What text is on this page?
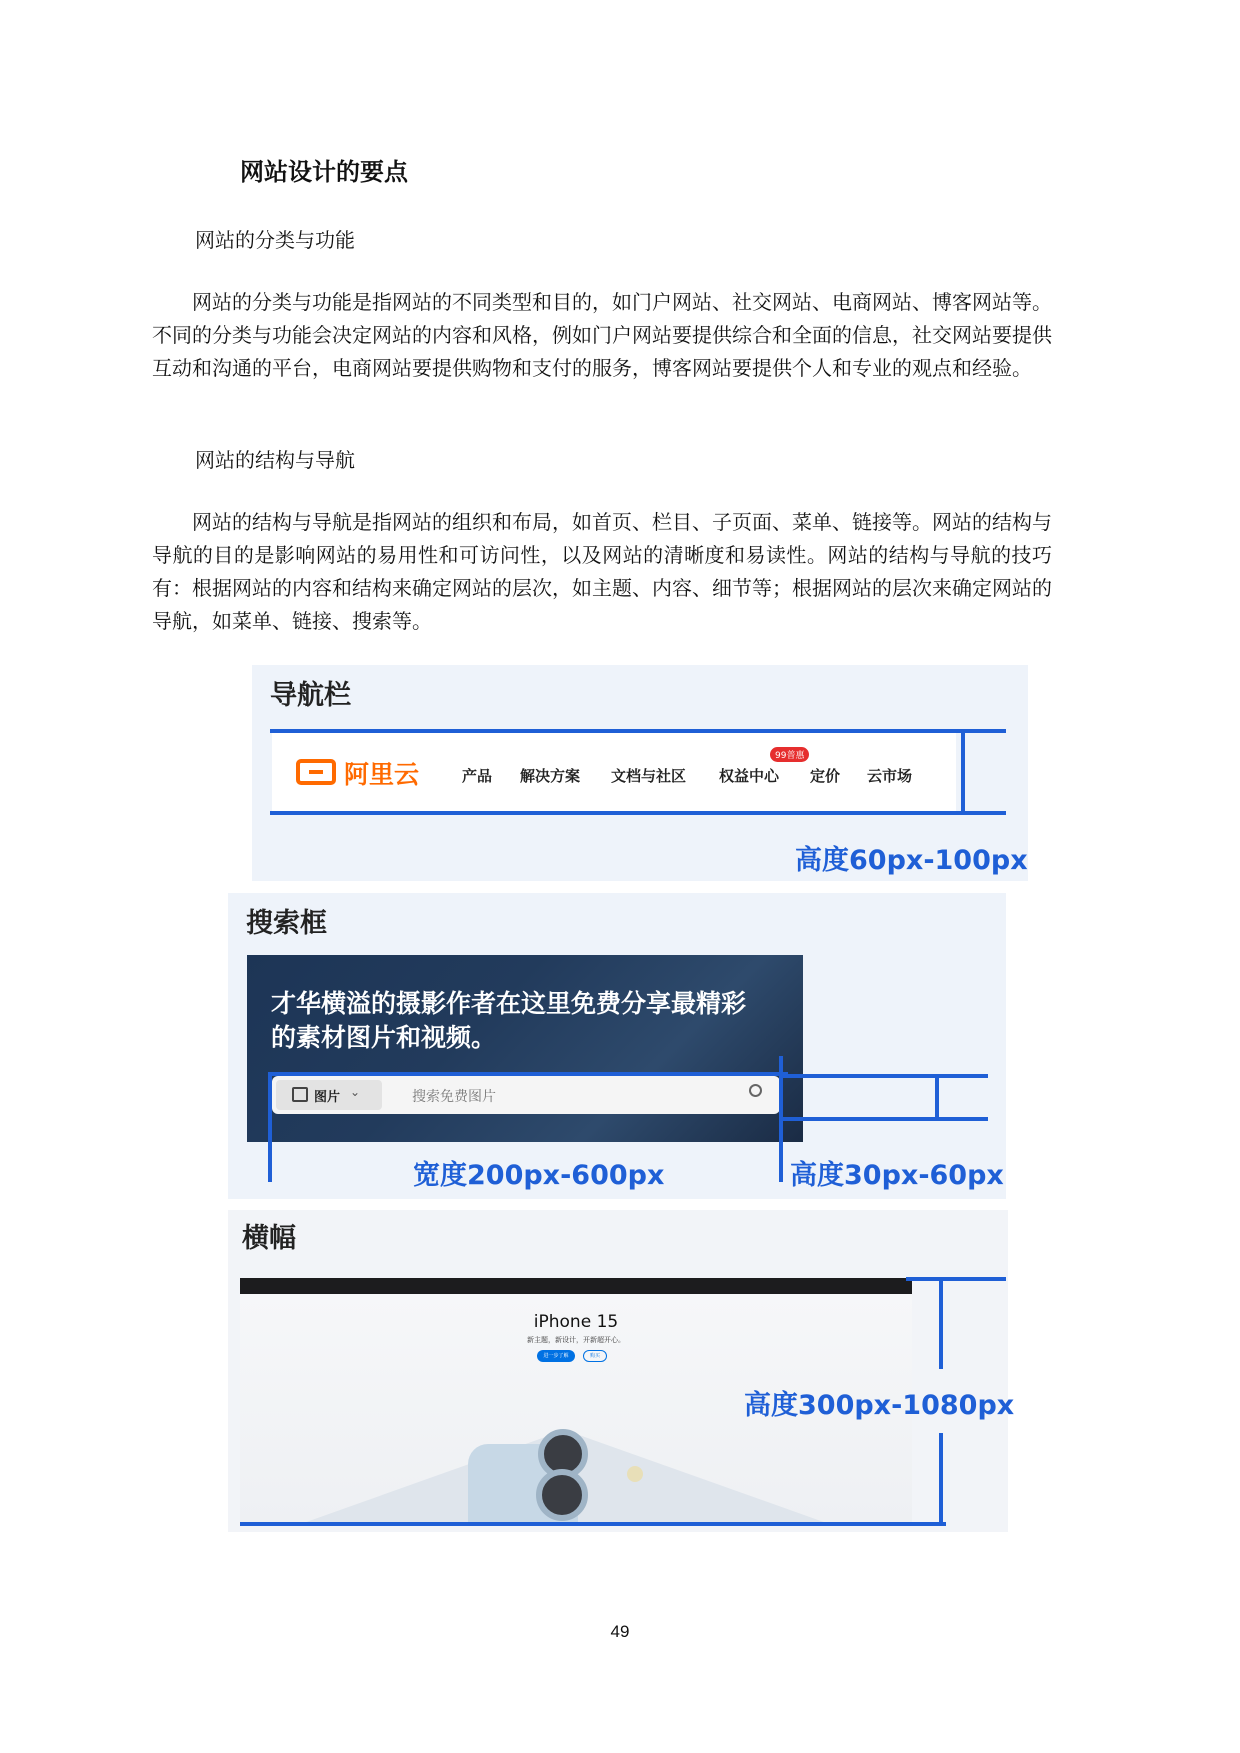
网站设计的要点
网站的分类与功能

网站的分类与功能是指网站的不同类型和目的，如门户网站、社交网站、电商网站、博客网站等。不同的分类与功能会决定网站的内容和风格，例如门户网站要提供综合和全面的信息，社交网站要提供互动和沟通的平台，电商网站要提供购物和支付的服务，博客网站要提供个人和专业的观点和经验。

网站的结构与导航

网站的结构与导航是指网站的组织和布局，如首页、栏目、子页面、菜单、链接等。网站的结构与导航的目的是影响网站的易用性和可访问性，以及网站的清晰度和易读性。网站的结构与导航的技巧有：根据网站的内容和结构来确定网站的层次，如主题、内容、细节等；根据网站的层次来确定网站的导航，如菜单、链接、搜索等。

导航栏
阿里云	产品 解决方案 文档与社区 权益中心
99普惠
定价 云市场
高度60px-100px
搜索框
才华横溢的摄影作者在这里免费分享最精彩
的素材图片和视频。
图片 ⌄	搜索免费图片
宽度200px-600px	高度30px-60px
横幅
iPhone 15
新主题，新设计，开新超开心。
进一步了解	购买
高度300px-1080px
49
